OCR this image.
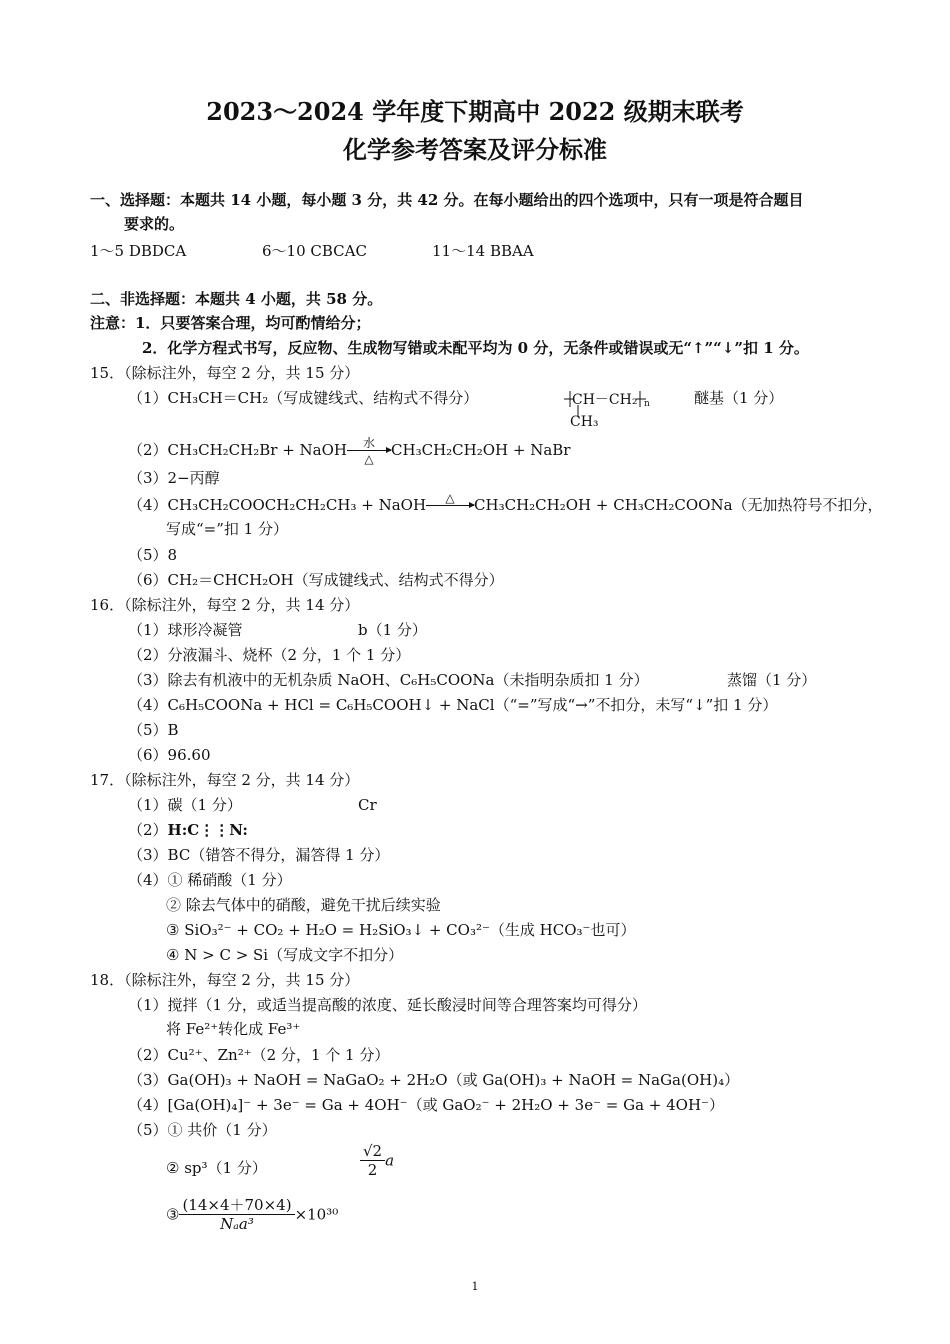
2023～2024 学年度下期高中 2022 级期末联考
化学参考答案及评分标准
一、选择题：本题共 14 小题，每小题 3 分，共 42 分。在每小题给出的四个选项中，只有一项是符合题目
要求的。
1～5 DBDCA	6～10 CBCAC	11～14 BBAA
二、非选择题：本题共 4 小题，共 58 分。
注意：1．只要答案合理，均可酌情给分；
2．化学方程式书写，反应物、生成物写错或未配平均为 0 分，无条件或错误或无“↑”“↓”扣 1 分。
15．（除标注外，每空 2 分，共 15 分）
（1）CH₃CH＝CH₂（写成键线式、结构式不得分）	CH－CH₂ n
CH₃
醚基（1 分）
（2）CH₃CH₂CH₂Br + NaOH	水
△	CH₃CH₂CH₂OH + NaBr
（3）2−丙醇
（4）CH₃CH₂COOCH₂CH₂CH₃ + NaOH	△	CH₃CH₂CH₂OH + CH₃CH₂COONa（无加热符号不扣分，
写成“=”扣 1 分）
（5）8
（6）CH₂＝CHCH₂OH（写成键线式、结构式不得分）
16．（除标注外，每空 2 分，共 14 分）
（1）球形冷凝管	b（1 分）
（2）分液漏斗、烧杯（2 分，1 个 1 分）
（3）除去有机液中的无机杂质 NaOH、C₆H₅COONa（未指明杂质扣 1 分）	蒸馏（1 分）
（4）C₆H₅COONa + HCl = C₆H₅COOH↓ + NaCl（“=”写成“→”不扣分，未写“↓”扣 1 分）
（5）B
（6）96.60
17．（除标注外，每空 2 分，共 14 分）
（1）碳（1 分）	Cr
（2）H:C⋮⋮N:
（3）BC（错答不得分，漏答得 1 分）
（4）① 稀硝酸（1 分）
② 除去气体中的硝酸，避免干扰后续实验
③ SiO₃²⁻ + CO₂ + H₂O = H₂SiO₃↓ + CO₃²⁻（生成 HCO₃⁻也可）
④ N > C > Si（写成文字不扣分）
18．（除标注外，每空 2 分，共 15 分）
（1）搅拌（1 分，或适当提高酸的浓度、延长酸浸时间等合理答案均可得分）
将 Fe²⁺转化成 Fe³⁺
（2）Cu²⁺、Zn²⁺（2 分，1 个 1 分）
（3）Ga(OH)₃ + NaOH = NaGaO₂ + 2H₂O（或 Ga(OH)₃ + NaOH = NaGa(OH)₄）
（4）[Ga(OH)₄]⁻ + 3e⁻ = Ga + 4OH⁻（或 GaO₂⁻ + 2H₂O + 3e⁻ = Ga + 4OH⁻）
（5）① 共价（1 分）
② sp³（1 分）	$\frac{√2}{2}$ a
③ $\frac{(14\times 4+70\times 4)}{\text{Nₐa³}} \times 10^{30}$
1
